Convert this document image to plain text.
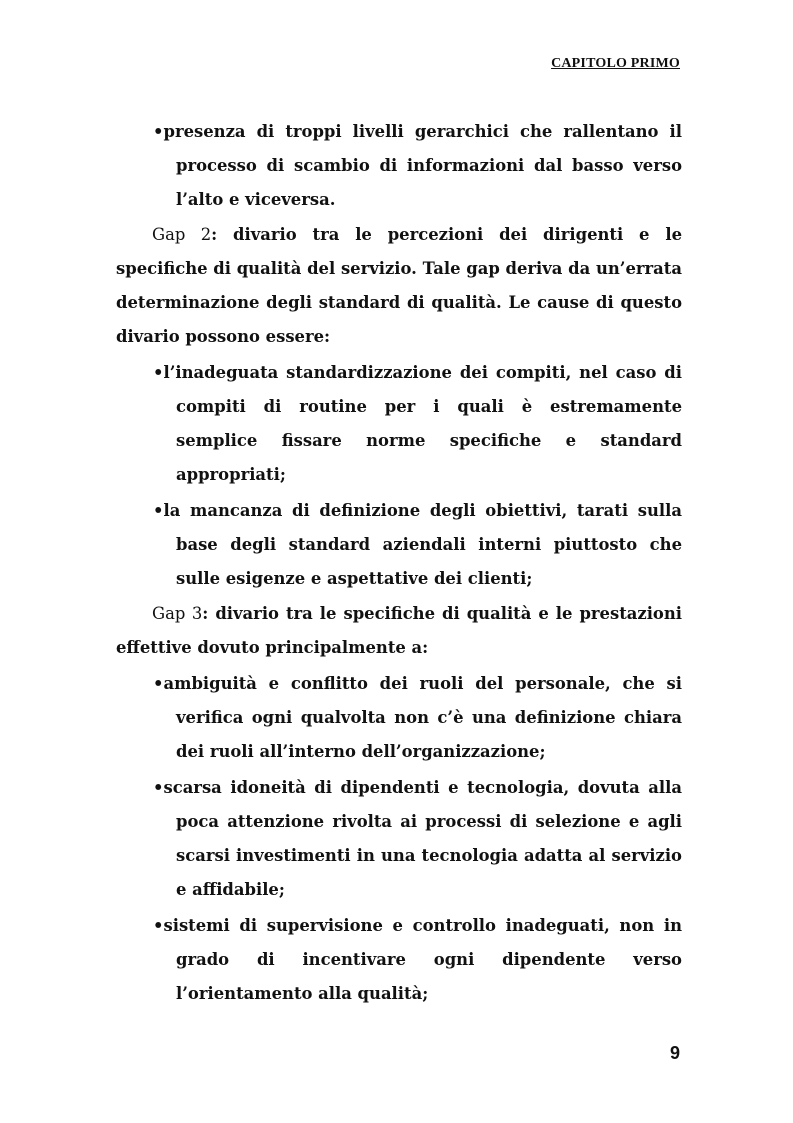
CAPITOLO PRIMO
•presenza di troppi livelli gerarchici che rallentano il processo di scambio di informazioni dal basso verso l’alto e viceversa.
Gap 2: divario tra le percezioni dei dirigenti e le specifiche di qualità del servizio. Tale gap deriva da un’errata determinazione degli standard di qualità. Le cause di questo divario possono essere:
•l’inadeguata standardizzazione dei compiti, nel caso di compiti di routine per i quali è estremamente semplice fissare norme specifiche e standard appropriati;
•la mancanza di definizione degli obiettivi, tarati sulla base degli standard aziendali interni piuttosto che sulle esigenze e aspettative dei clienti;
Gap 3: divario tra le specifiche di qualità e le prestazioni effettive dovuto principalmente a:
•ambiguità e conflitto dei ruoli del personale, che si verifica ogni qualvolta non c’è una definizione chiara dei ruoli all’interno dell’organizzazione;
•scarsa idoneità di dipendenti e tecnologia, dovuta alla poca attenzione rivolta ai processi di selezione e agli scarsi investimenti in una tecnologia adatta al servizio e affidabile;
•sistemi di supervisione e controllo inadeguati, non in grado di incentivare ogni dipendente verso l’orientamento alla qualità;
9
